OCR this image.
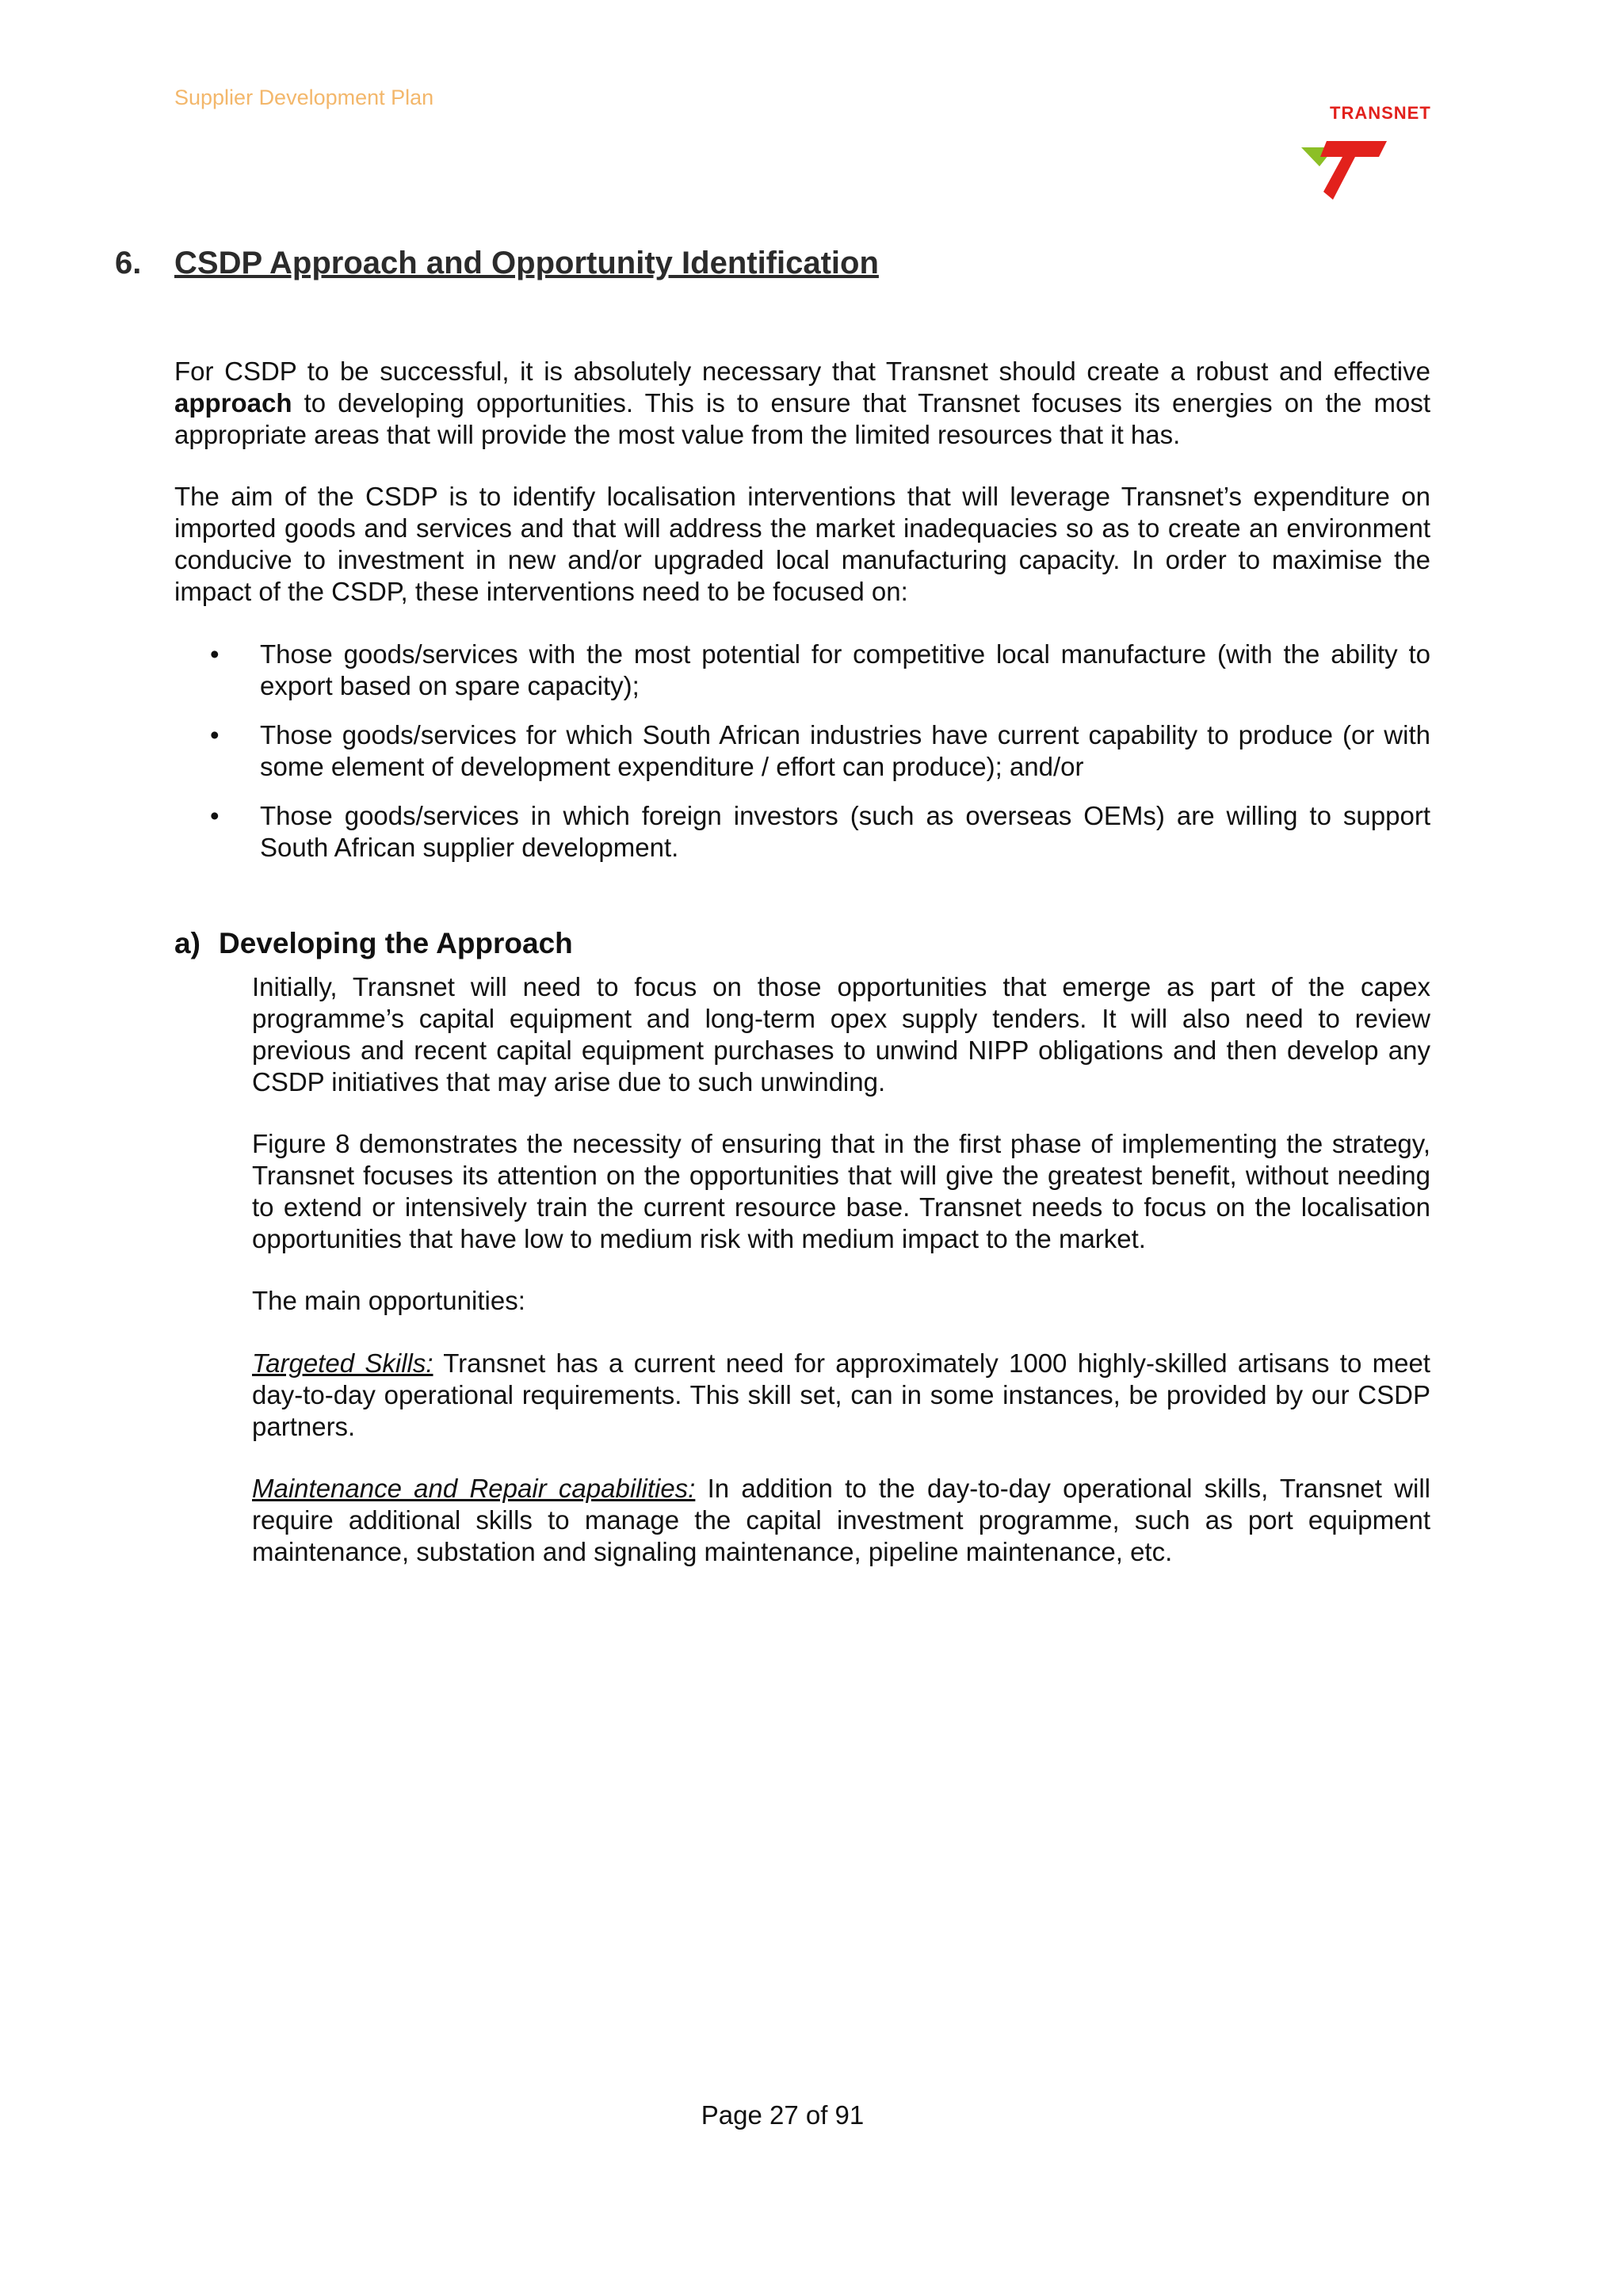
Supplier Development Plan
TRANSNET
6. CSDP Approach and Opportunity Identification

For CSDP to be successful, it is absolutely necessary that Transnet should create a robust and effective approach to developing opportunities. This is to ensure that Transnet focuses its energies on the most appropriate areas that will provide the most value from the limited resources that it has.

The aim of the CSDP is to identify localisation interventions that will leverage Transnet’s expenditure on imported goods and services and that will address the market inadequacies so as to create an environment conducive to investment in new and/or upgraded local manufacturing capacity. In order to maximise the impact of the CSDP, these interventions need to be focused on:

• Those goods/services with the most potential for competitive local manufacture (with the ability to export based on spare capacity);
• Those goods/services for which South African industries have current capability to produce (or with some element of development expenditure / effort can produce); and/or
• Those goods/services in which foreign investors (such as overseas OEMs) are willing to support South African supplier development.
a) Developing the Approach

Initially, Transnet will need to focus on those opportunities that emerge as part of the capex programme’s capital equipment and long-term opex supply tenders. It will also need to review previous and recent capital equipment purchases to unwind NIPP obligations and then develop any CSDP initiatives that may arise due to such unwinding.

Figure 8 demonstrates the necessity of ensuring that in the first phase of implementing the strategy, Transnet focuses its attention on the opportunities that will give the greatest benefit, without needing to extend or intensively train the current resource base. Transnet needs to focus on the localisation opportunities that have low to medium risk with medium impact to the market.

The main opportunities:

Targeted Skills: Transnet has a current need for approximately 1000 highly-skilled artisans to meet day-to-day operational requirements. This skill set, can in some instances, be provided by our CSDP partners.

Maintenance and Repair capabilities: In addition to the day-to-day operational skills, Transnet will require additional skills to manage the capital investment programme, such as port equipment maintenance, substation and signaling maintenance, pipeline maintenance, etc.

Page 27 of 91
